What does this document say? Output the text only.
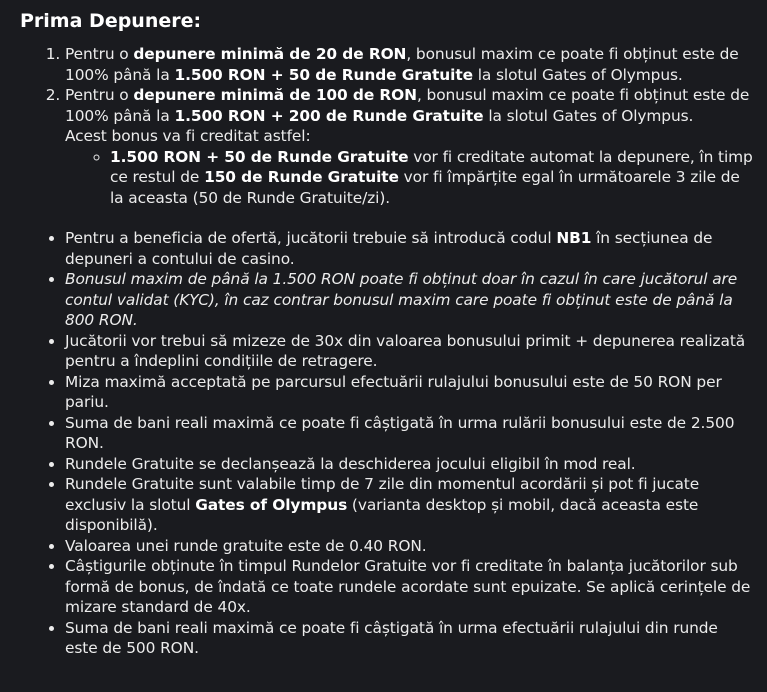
Prima Depunere:
1. Pentru o depunere minimă de 20 de RON, bonusul maxim ce poate fi obținut este de 100% până la 1.500 RON + 50 de Runde Gratuite la slotul Gates of Olympus.
2. Pentru o depunere minimă de 100 de RON, bonusul maxim ce poate fi obținut este de 100% până la 1.500 RON + 200 de Runde Gratuite la slotul Gates of Olympus.
Acest bonus va fi creditat astfel:
◦ 1.500 RON + 50 de Runde Gratuite vor fi creditate automat la depunere, în timp ce restul de 150 de Runde Gratuite vor fi împărțite egal în următoarele 3 zile de la aceasta (50 de Runde Gratuite/zi).
• Pentru a beneficia de ofertă, jucătorii trebuie să introducă codul NB1 în secțiunea de depuneri a contului de casino.
• Bonusul maxim de până la 1.500 RON poate fi obținut doar în cazul în care jucătorul are contul validat (KYC), în caz contrar bonusul maxim care poate fi obținut este de până la 800 RON.
• Jucătorii vor trebui să mizeze de 30x din valoarea bonusului primit + depunerea realizată pentru a îndeplini condițiile de retragere.
• Miza maximă acceptată pe parcursul efectuării rulajului bonusului este de 50 RON per pariu.
• Suma de bani reali maximă ce poate fi câștigată în urma rulării bonusului este de 2.500 RON.
• Rundele Gratuite se declanșează la deschiderea jocului eligibil în mod real.
• Rundele Gratuite sunt valabile timp de 7 zile din momentul acordării și pot fi jucate exclusiv la slotul Gates of Olympus (varianta desktop și mobil, dacă aceasta este disponibilă).
• Valoarea unei runde gratuite este de 0.40 RON.
• Câștigurile obținute în timpul Rundelor Gratuite vor fi creditate în balanța jucătorilor sub formă de bonus, de îndată ce toate rundele acordate sunt epuizate. Se aplică cerințele de mizare standard de 40x.
• Suma de bani reali maximă ce poate fi câștigată în urma efectuării rulajului din runde este de 500 RON.
